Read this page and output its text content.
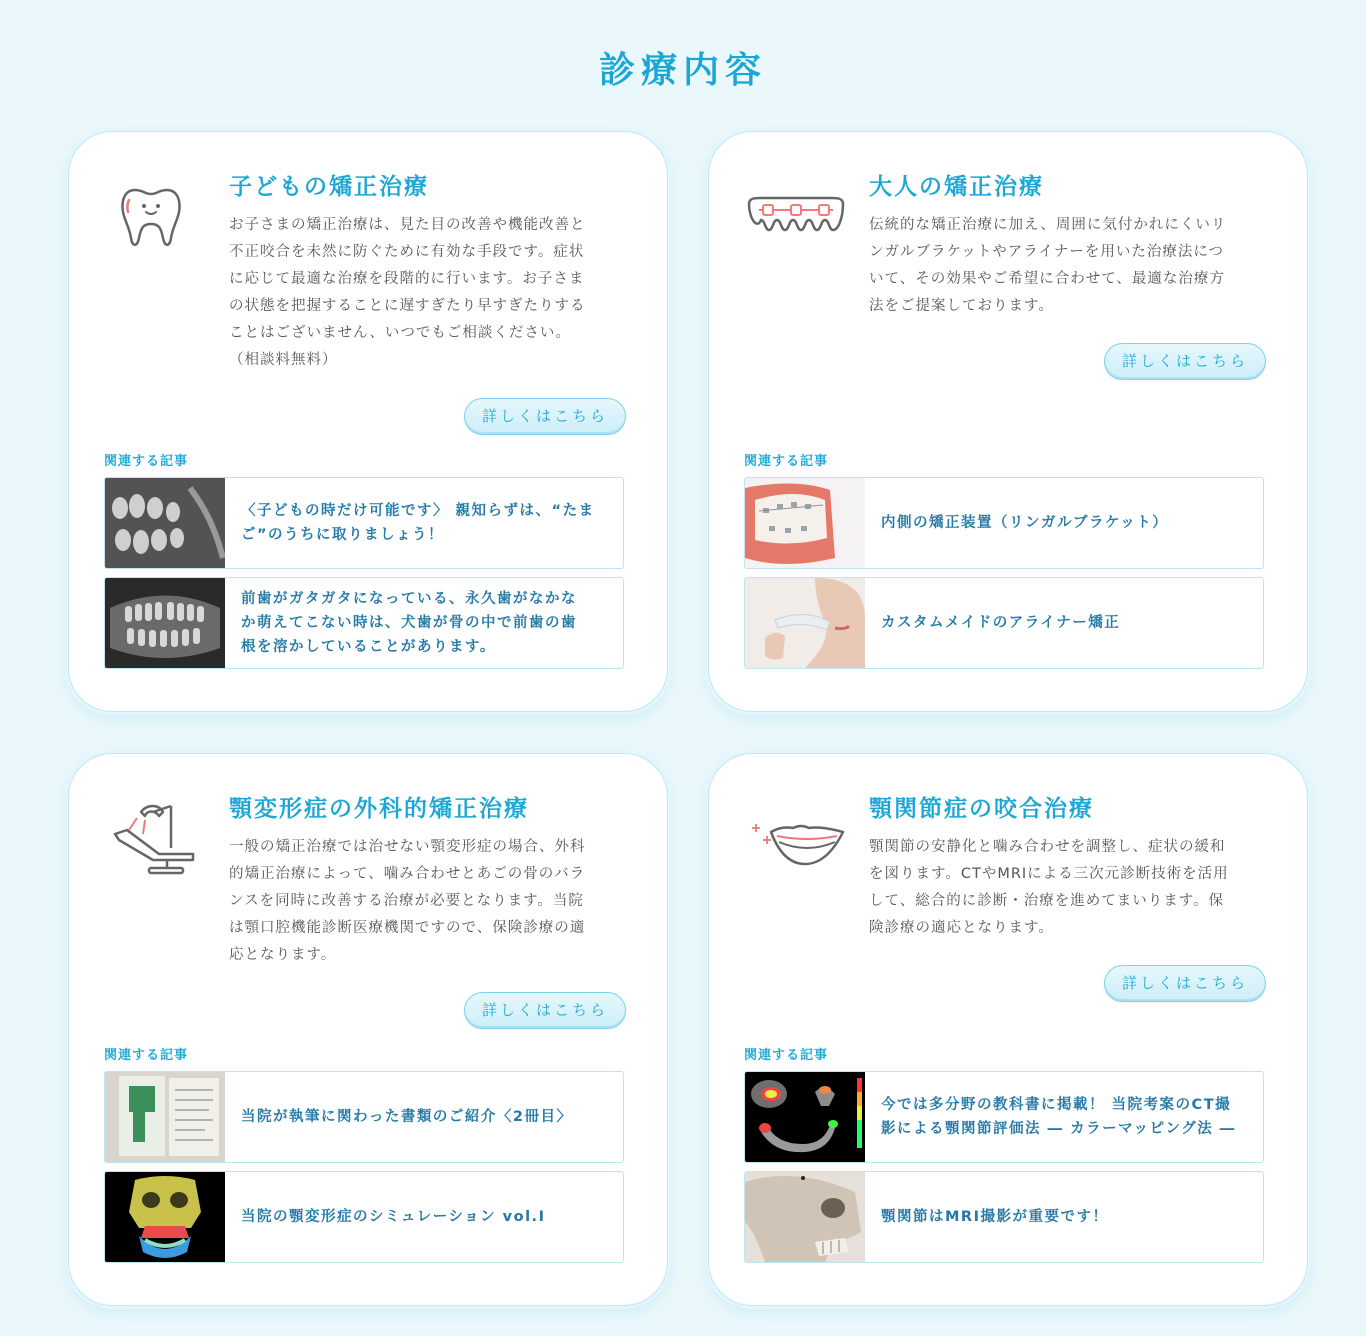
診療内容
子どもの矯正治療

お子さまの矯正治療は、見た目の改善や機能改善と
不正咬合を未然に防ぐために有効な手段です。症状
に応じて最適な治療を段階的に行います。お子さま
の状態を把握することに遅すぎたり早すぎたりする
ことはございません、いつでもご相談ください。
（相談料無料）

詳しくはこちら
関連する記事
〈子どもの時だけ可能です〉 親知らずは、“たま
ご”のうちに取りましょう！
前歯がガタガタになっている、永久歯がなかな
か萌えてこない時は、犬歯が骨の中で前歯の歯
根を溶かしていることがあります。
大人の矯正治療

伝統的な矯正治療に加え、周囲に気付かれにくいリ
ンガルブラケットやアライナーを用いた治療法につ
いて、その効果やご希望に合わせて、最適な治療方
法をご提案しております。

詳しくはこちら
関連する記事
内側の矯正装置（リンガルブラケット）
カスタムメイドのアライナー矯正
顎変形症の外科的矯正治療

一般の矯正治療では治せない顎変形症の場合、外科
的矯正治療によって、噛み合わせとあごの骨のバラ
ンスを同時に改善する治療が必要となります。当院
は顎口腔機能診断医療機関ですので、保険診療の適
応となります。

詳しくはこちら
関連する記事
当院が執筆に関わった書類のご紹介〈2冊目〉
当院の顎変形症のシミュレーション vol.I
顎関節症の咬合治療

顎関節の安静化と噛み合わせを調整し、症状の緩和
を図ります。CTやMRIによる三次元診断技術を活用
して、総合的に診断・治療を進めてまいります。保
険診療の適応となります。

詳しくはこちら
関連する記事
今では多分野の教科書に掲載！ 当院考案のCT撮
影による顎関節評価法 ― カラーマッピング法 ―
顎関節はMRI撮影が重要です！
